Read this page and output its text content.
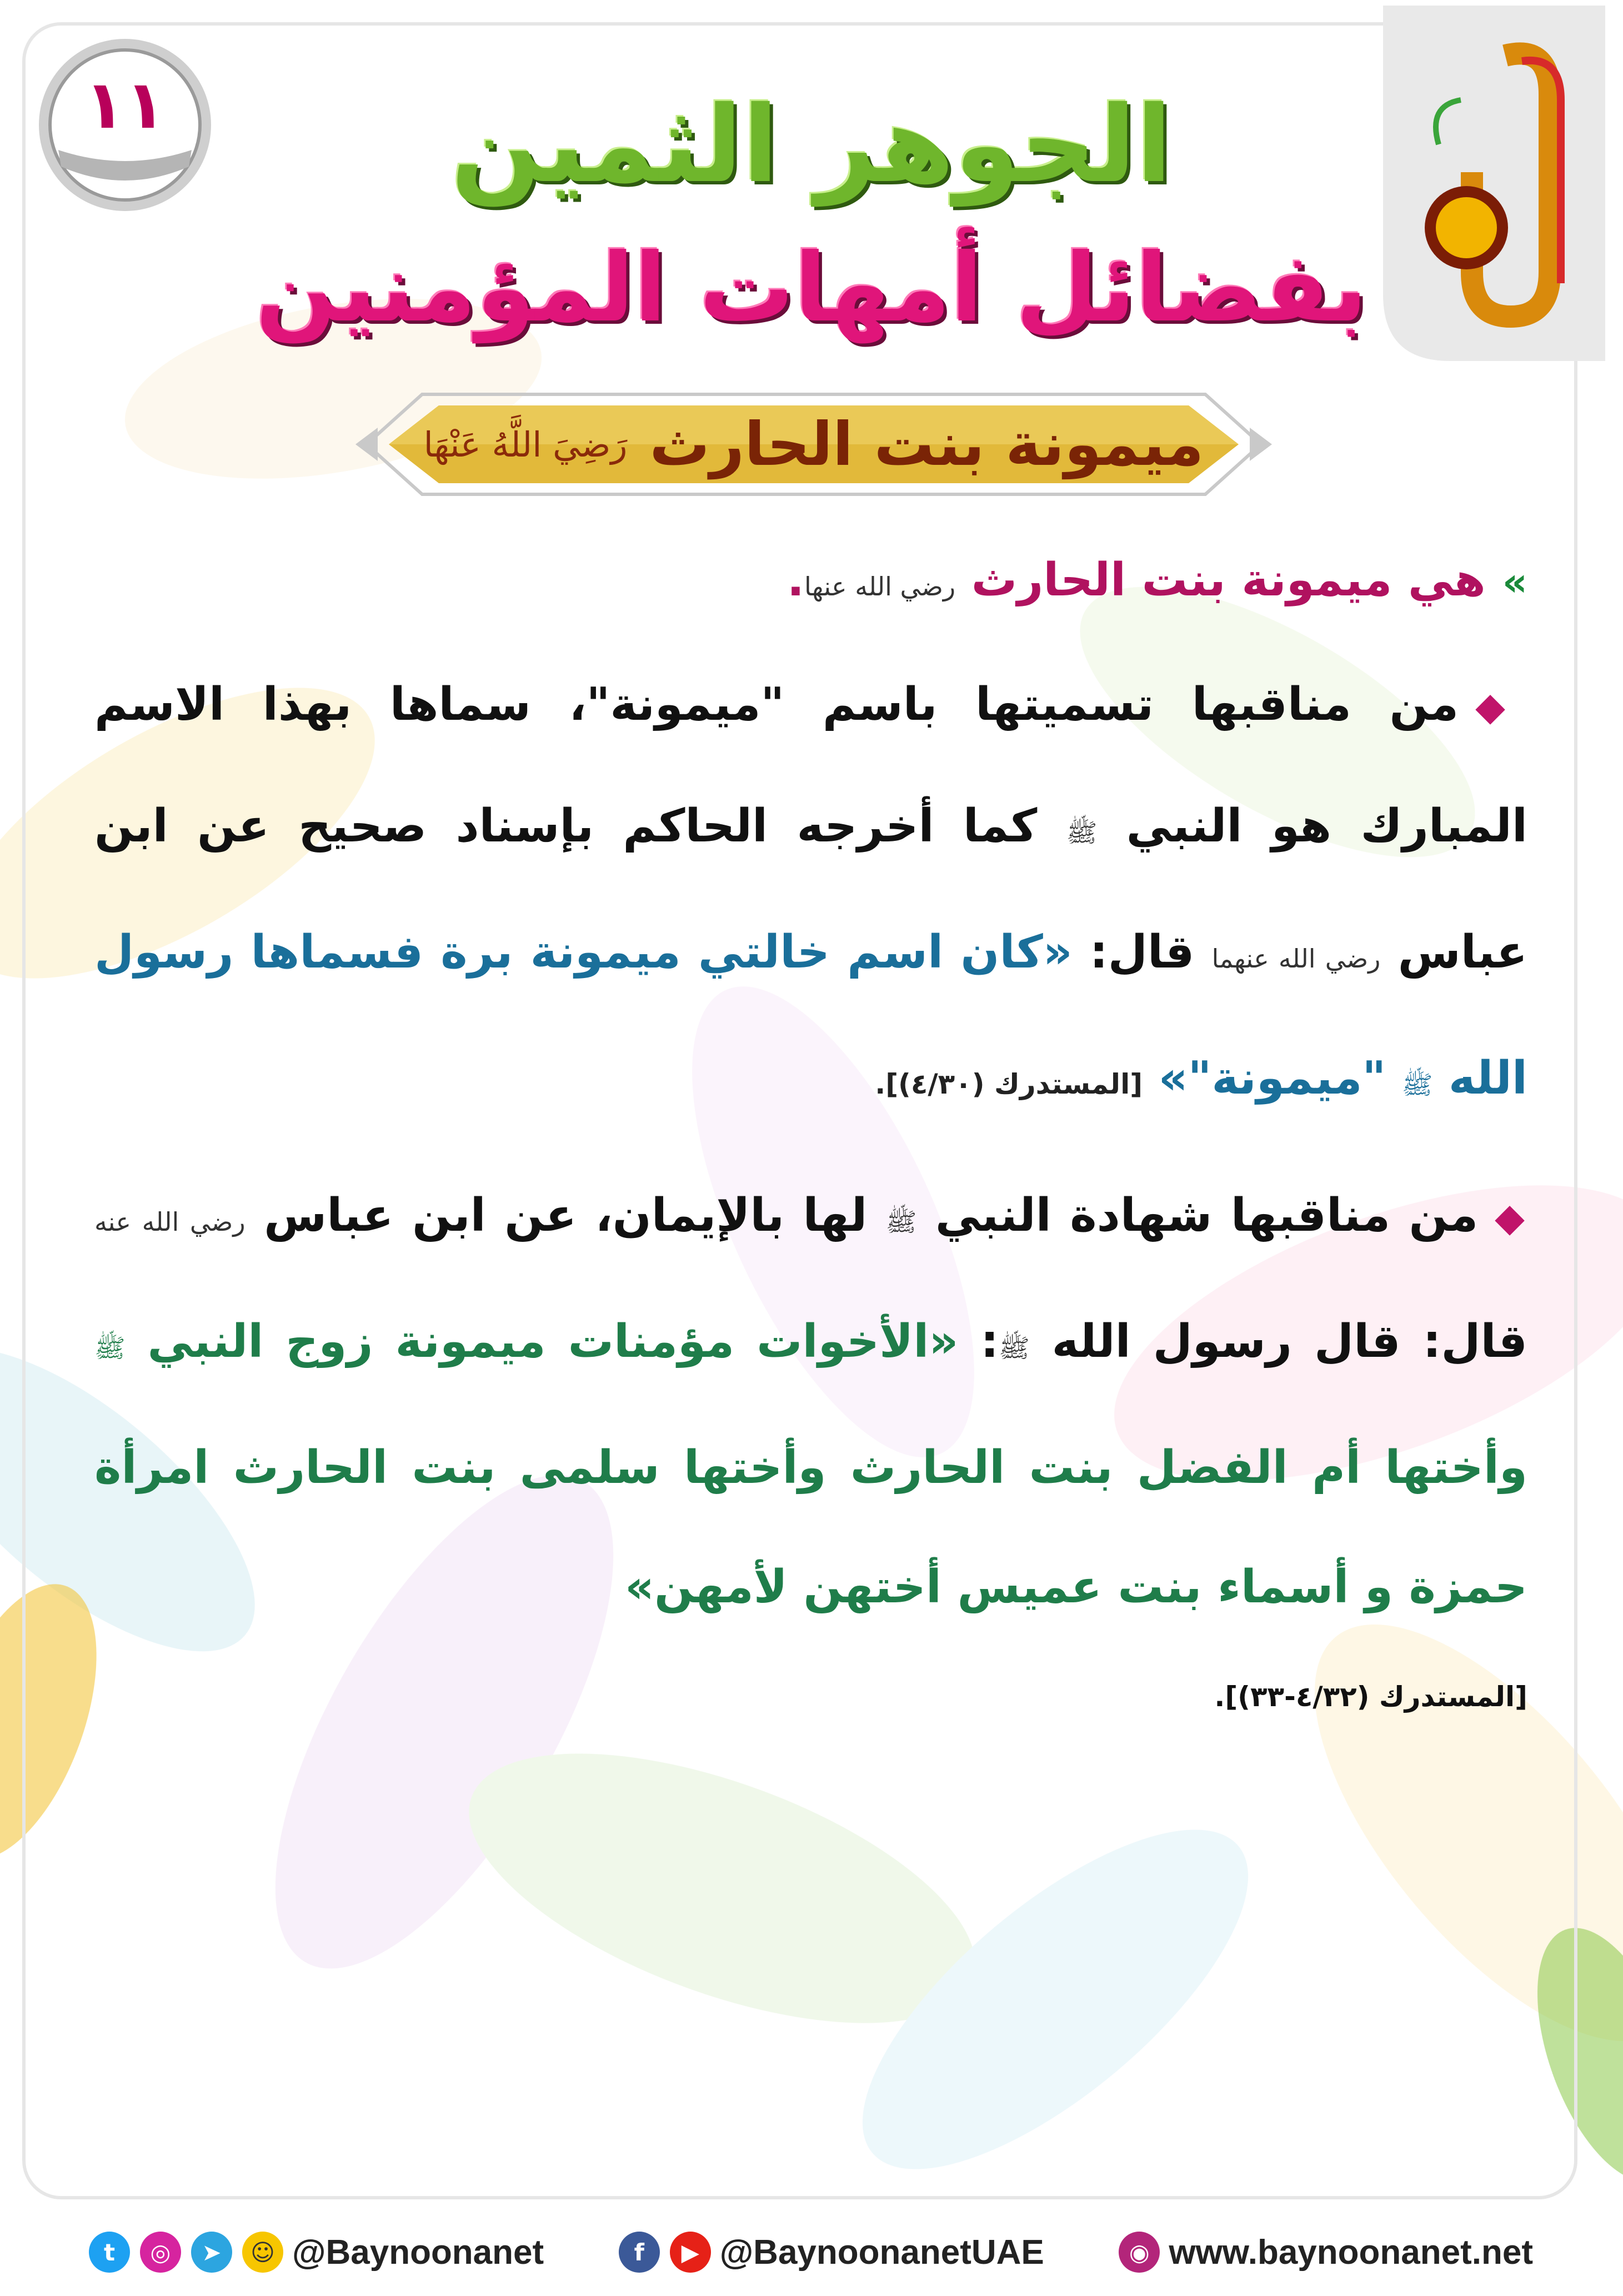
١١	الجوهر الثمين
بفضائل أمهات المؤمنين
ميمونة بنت الحارث
رَضِيَ اللَّهُ عَنْهَا
»هي ميمونة بنت الحارث رضي الله عنها.
◆من مناقبها تسميتها باسم "ميمونة"، سماها بهذا الاسم المبارك هو النبي ﷺ كما أخرجه الحاكم بإسناد صحيح عن ابن عباس رضي الله عنهما قال: «كان اسم خالتي ميمونة برة فسماها رسول الله ﷺ "ميمونة"» [المستدرك (٤/٣٠)].
◆من مناقبها شهادة النبي ﷺ لها بالإيمان، عن ابن عباس رضي الله عنه قال: قال رسول الله ﷺ: «الأخوات مؤمنات ميمونة زوج النبي ﷺ وأختها أم الفضل بنت الحارث وأختها سلمى بنت الحارث امرأة حمزة و أسماء بنت عميس أختهن لأمهن»
[المستدرك (٤/٣٢-٣٣)].
t	◎	➤	☺ @Baynoonanet	f	▶ @BaynoonanetUAE	◉ www.baynoonanet.net
